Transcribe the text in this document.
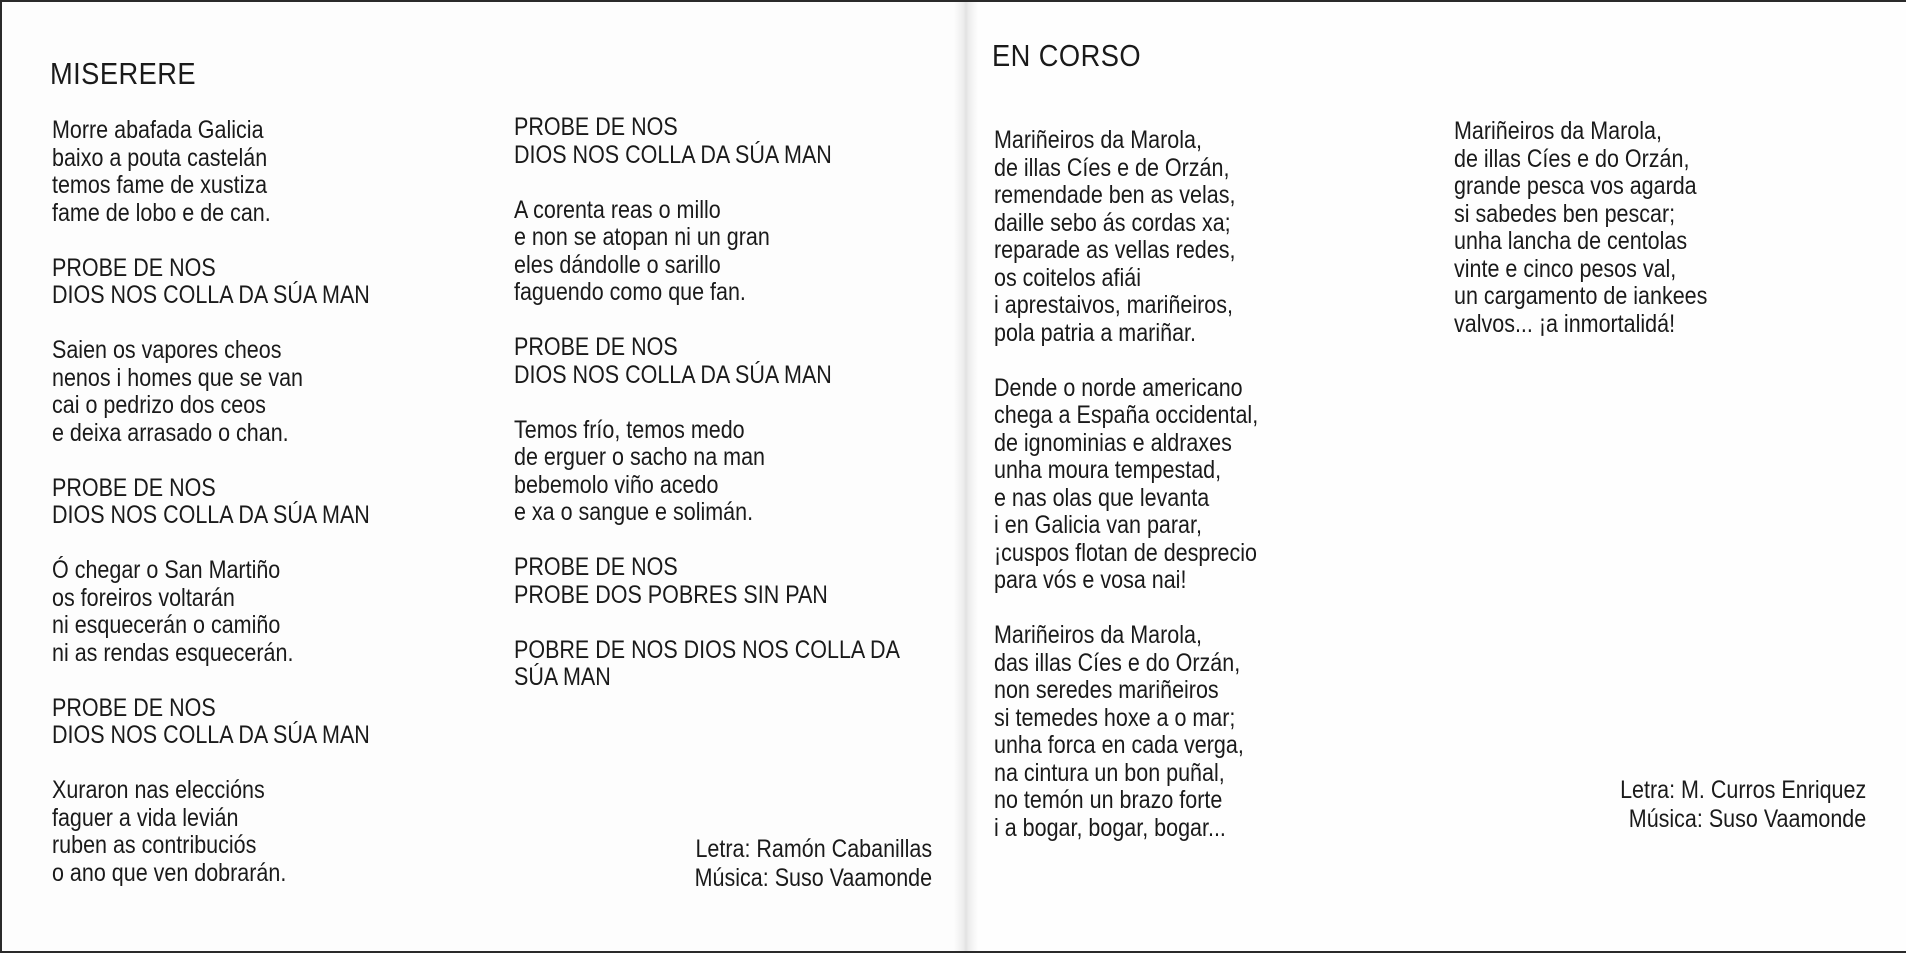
MISERERE
Morre abafada Galicia
baixo a pouta castelán
temos fame de xustiza
fame de lobo e de can.
PROBE DE NOS
DIOS NOS COLLA DA SÚA MAN
Saien os vapores cheos
nenos i homes que se van
cai o pedrizo dos ceos
e deixa arrasado o chan.
PROBE DE NOS
DIOS NOS COLLA DA SÚA MAN
Ó chegar o San Martiño
os foreiros voltarán
ni esquecerán o camiño
ni as rendas esquecerán.
PROBE DE NOS
DIOS NOS COLLA DA SÚA MAN
Xuraron nas eleccións
faguer a vida levián
ruben as contribuciós
o ano que ven dobrarán.
PROBE DE NOS
DIOS NOS COLLA DA SÚA MAN
A corenta reas o millo
e non se atopan ni un gran
eles dándolle o sarillo
faguendo como que fan.
PROBE DE NOS
DIOS NOS COLLA DA SÚA MAN
Temos frío, temos medo
de erguer o sacho na man
bebemolo viño acedo
e xa o sangue e solimán.
PROBE DE NOS
PROBE DOS POBRES SIN PAN
POBRE DE NOS DIOS NOS COLLA DA
SÚA MAN
Letra: Ramón Cabanillas
Música: Suso Vaamonde
EN CORSO
Mariñeiros da Marola,
de illas Cíes e de Orzán,
remendade ben as velas,
daille sebo ás cordas xa;
reparade as vellas redes,
os coitelos afiái
i aprestaivos, mariñeiros,
pola patria a mariñar.
Dende o norde americano
chega a España occidental,
de ignominias e aldraxes
unha moura tempestad,
e nas olas que levanta
i en Galicia van parar,
¡cuspos flotan de desprecio
para vós e vosa nai!
Mariñeiros da Marola,
das illas Cíes e do Orzán,
non seredes mariñeiros
si temedes hoxe a o mar;
unha forca en cada verga,
na cintura un bon puñal,
no temón un brazo forte
i a bogar, bogar, bogar...
Mariñeiros da Marola,
de illas Cíes e do Orzán,
grande pesca vos agarda
si sabedes ben pescar;
unha lancha de centolas
vinte e cinco pesos val,
un cargamento de iankees
valvos... ¡a inmortalidá!
Letra: M. Curros Enriquez
Música: Suso Vaamonde
